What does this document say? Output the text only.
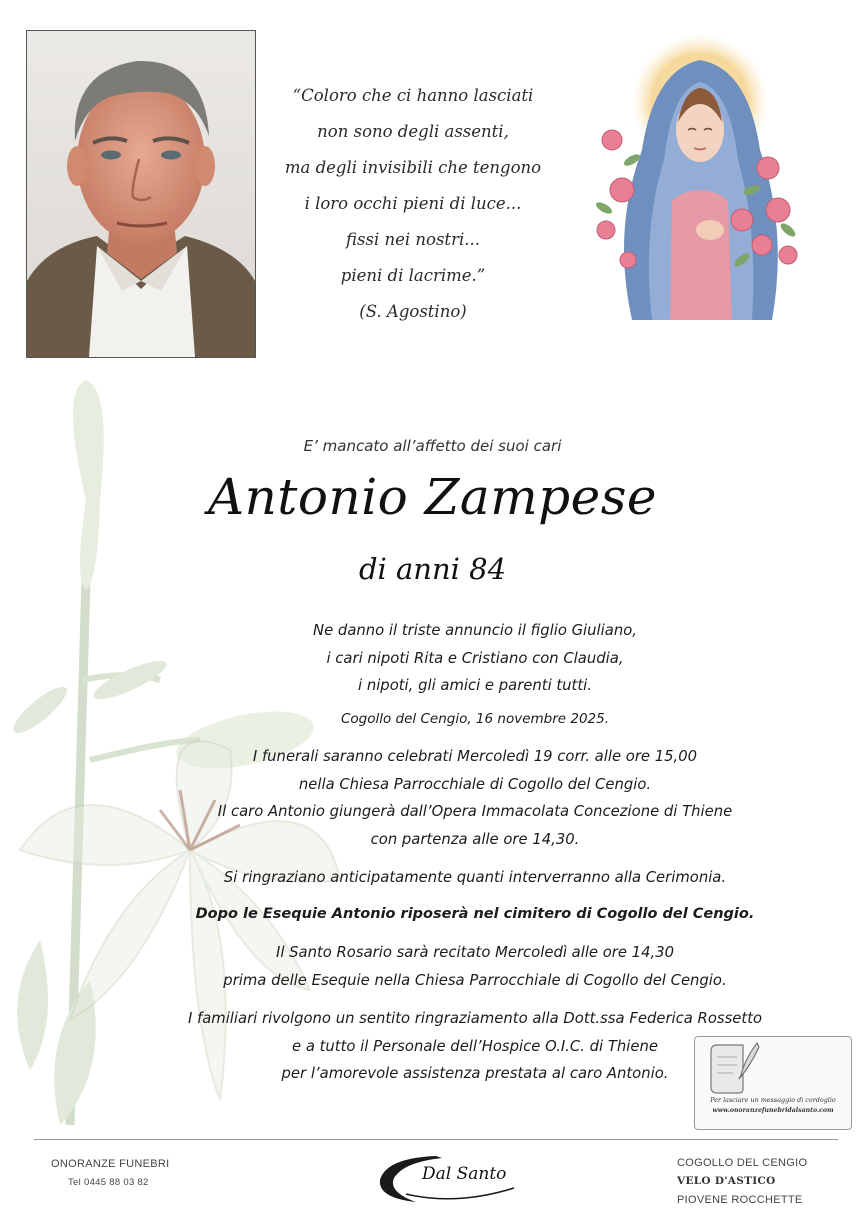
“Coloro che ci hanno lasciati
non sono degli assenti,
ma degli invisibili che tengono
i loro occhi pieni di luce...
fissi nei nostri...
pieni di lacrime.”
(S. Agostino)
E’ mancato all’affetto dei suoi cari
Antonio Zampese
di anni 84
Ne danno il triste annuncio il figlio Giuliano,
i cari nipoti Rita e Cristiano con Claudia,
i nipoti, gli amici e parenti tutti.
Cogollo del Cengio, 16 novembre 2025.
I funerali saranno celebrati Mercoledì 19 corr. alle ore 15,00
nella Chiesa Parrocchiale di Cogollo del Cengio.
Il caro Antonio giungerà dall’Opera Immacolata Concezione di Thiene
con partenza alle ore 14,30.
Si ringraziano anticipatamente quanti interverranno alla Cerimonia.
Dopo le Esequie Antonio riposerà nel cimitero di Cogollo del Cengio.
Il Santo Rosario sarà recitato Mercoledì alle ore 14,30
prima delle Esequie nella Chiesa Parrocchiale di Cogollo del Cengio.
I familiari rivolgono un sentito ringraziamento alla Dott.ssa Federica Rossetto
e a tutto il Personale dell’Hospice O.I.C. di Thiene
per l’amorevole assistenza prestata al caro Antonio.
Per lasciare un messaggio di cordoglio
www.onoranzefunebridalsanto.com
ONORANZE FUNEBRI
Tel 0445 88 03 82	Dal Santo
COGOLLO DEL CENGIO
VELO D'ASTICO
PIOVENE ROCCHETTE
